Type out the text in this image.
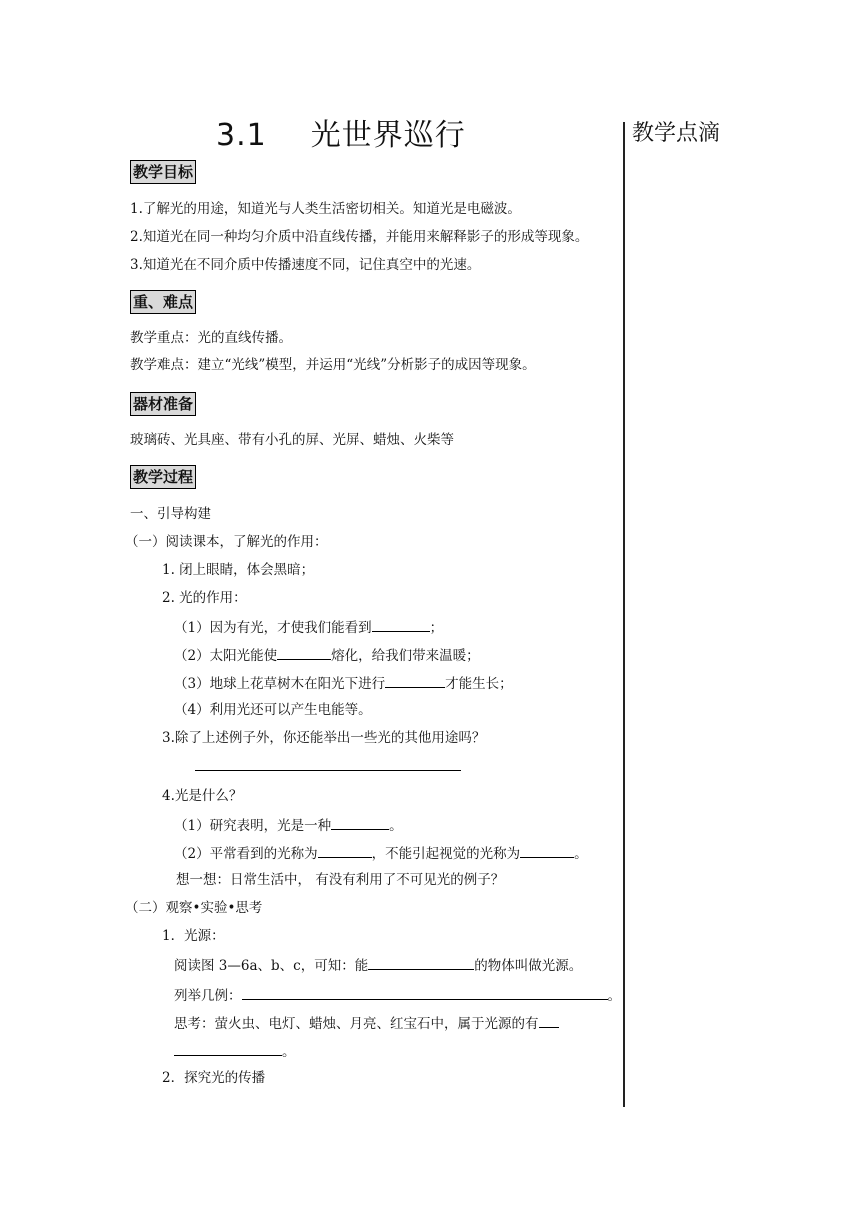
3.1 光世界巡行	教学点滴
教学目标
1.了解光的用途，知道光与人类生活密切相关。知道光是电磁波。
2.知道光在同一种均匀介质中沿直线传播，并能用来解释影子的形成等现象。
3.知道光在不同介质中传播速度不同，记住真空中的光速。
重、难点
教学重点：光的直线传播。
教学难点：建立“光线”模型，并运用“光线”分析影子的成因等现象。
器材准备
玻璃砖、光具座、带有小孔的屏、光屏、蜡烛、火柴等
教学过程
一、引导构建
（一）阅读课本，了解光的作用：
1. 闭上眼睛，体会黑暗；
2. 光的作用：
（1）因为有光，才使我们能看到	；
（2）太阳光能使	熔化，给我们带来温暖；
（3）地球上花草树木在阳光下进行	才能生长；
（4）利用光还可以产生电能等。
3.除了上述例子外，你还能举出一些光的其他用途吗？
4.光是什么？
（1）研究表明，光是一种	。
（2）平常看到的光称为	，不能引起视觉的光称为	。
想一想：日常生活中， 有没有利用了不可见光的例子？
（二）观察•实验•思考
1．光源：
阅读图 3—6a、b、c，可知：能	的物体叫做光源。
列举几例：	。
思考：萤火虫、电灯、蜡烛、月亮、红宝石中，属于光源的有
。
2．探究光的传播
